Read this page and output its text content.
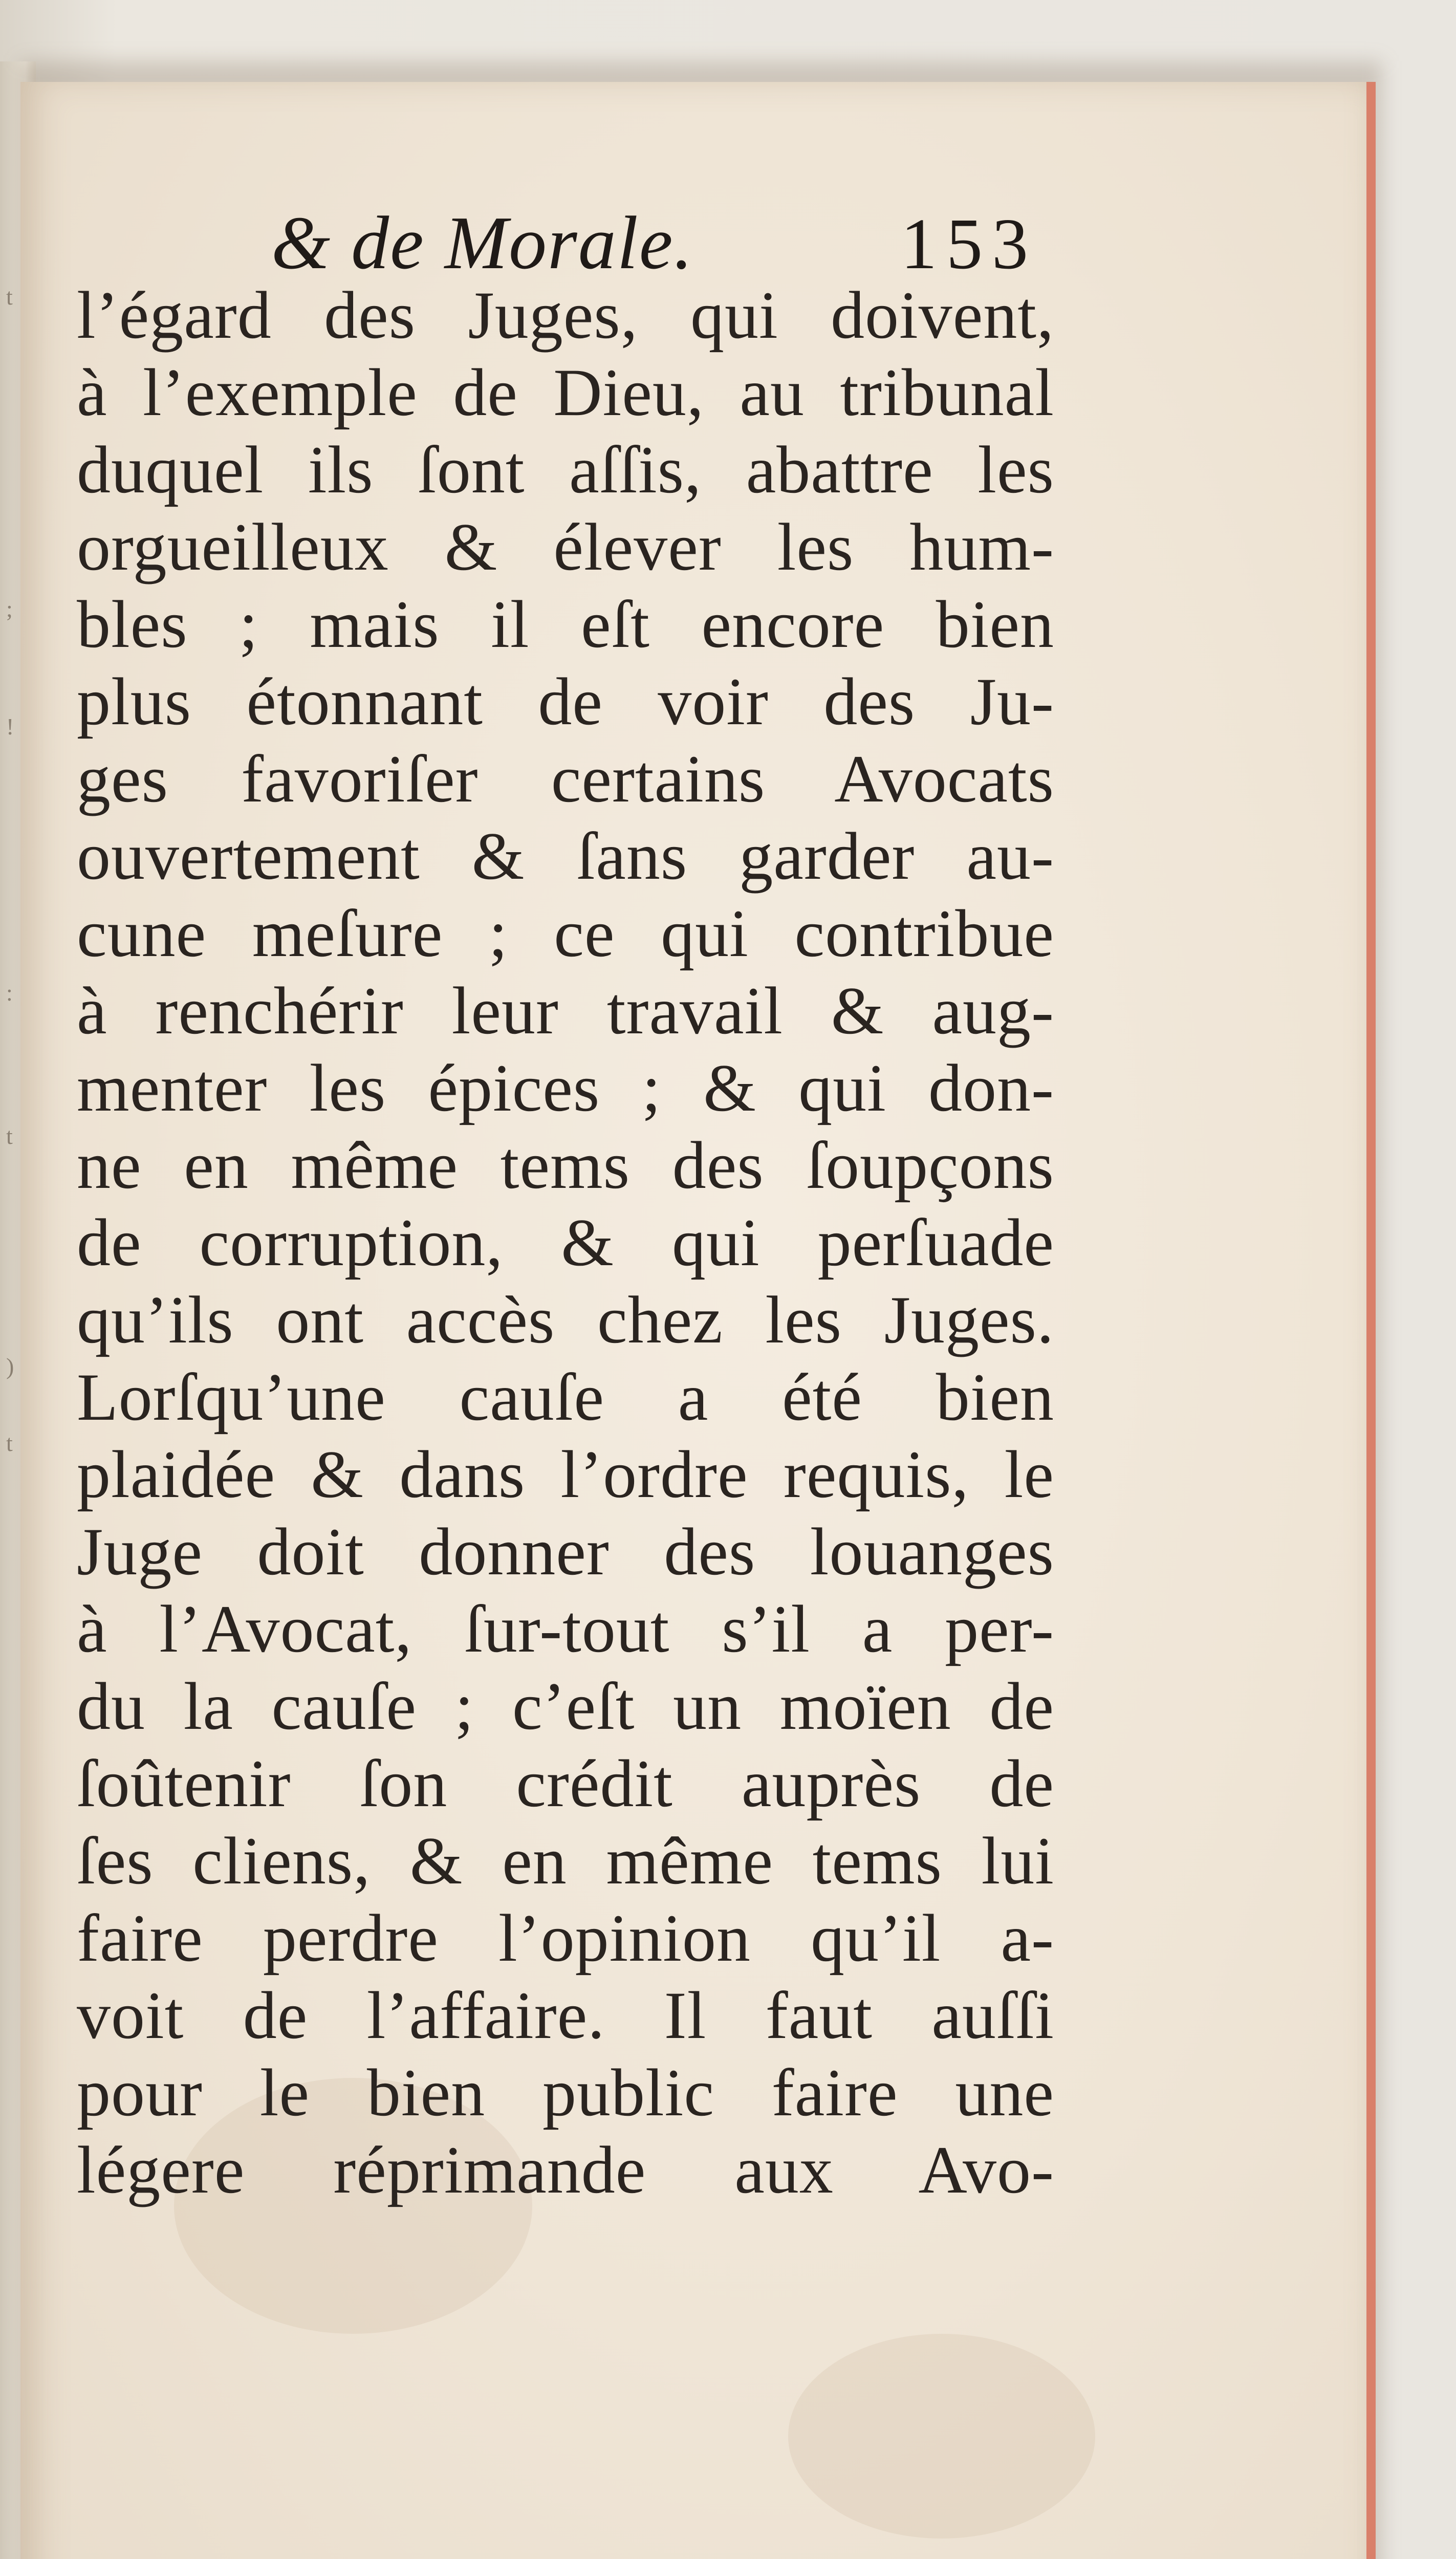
t
;
!
:
t
)
t
& de Morale.	153
l’égard des Juges, qui doivent,
à l’exemple de Dieu, au tribunal
duquel ils ſont aſſis, abattre les
orgueilleux & élever les hum-
bles ; mais il eſt encore bien
plus étonnant de voir des Ju-
ges favoriſer certains Avocats
ouvertement & ſans garder au-
cune meſure ; ce qui contribue
à renchérir leur travail & aug-
menter les épices ; & qui don-
ne en même tems des ſoupçons
de corruption, & qui perſuade
qu’ils ont accès chez les Juges.
Lorſqu’une cauſe a été bien
plaidée & dans l’ordre requis, le
Juge doit donner des louanges
à l’Avocat, ſur-tout s’il a per-
du la cauſe ; c’eſt un moïen de
ſoûtenir ſon crédit auprès de
ſes cliens, & en même tems lui
faire perdre l’opinion qu’il a-
voit de l’affaire. Il faut auſſi
pour le bien public faire une
légere réprimande aux Avo-
